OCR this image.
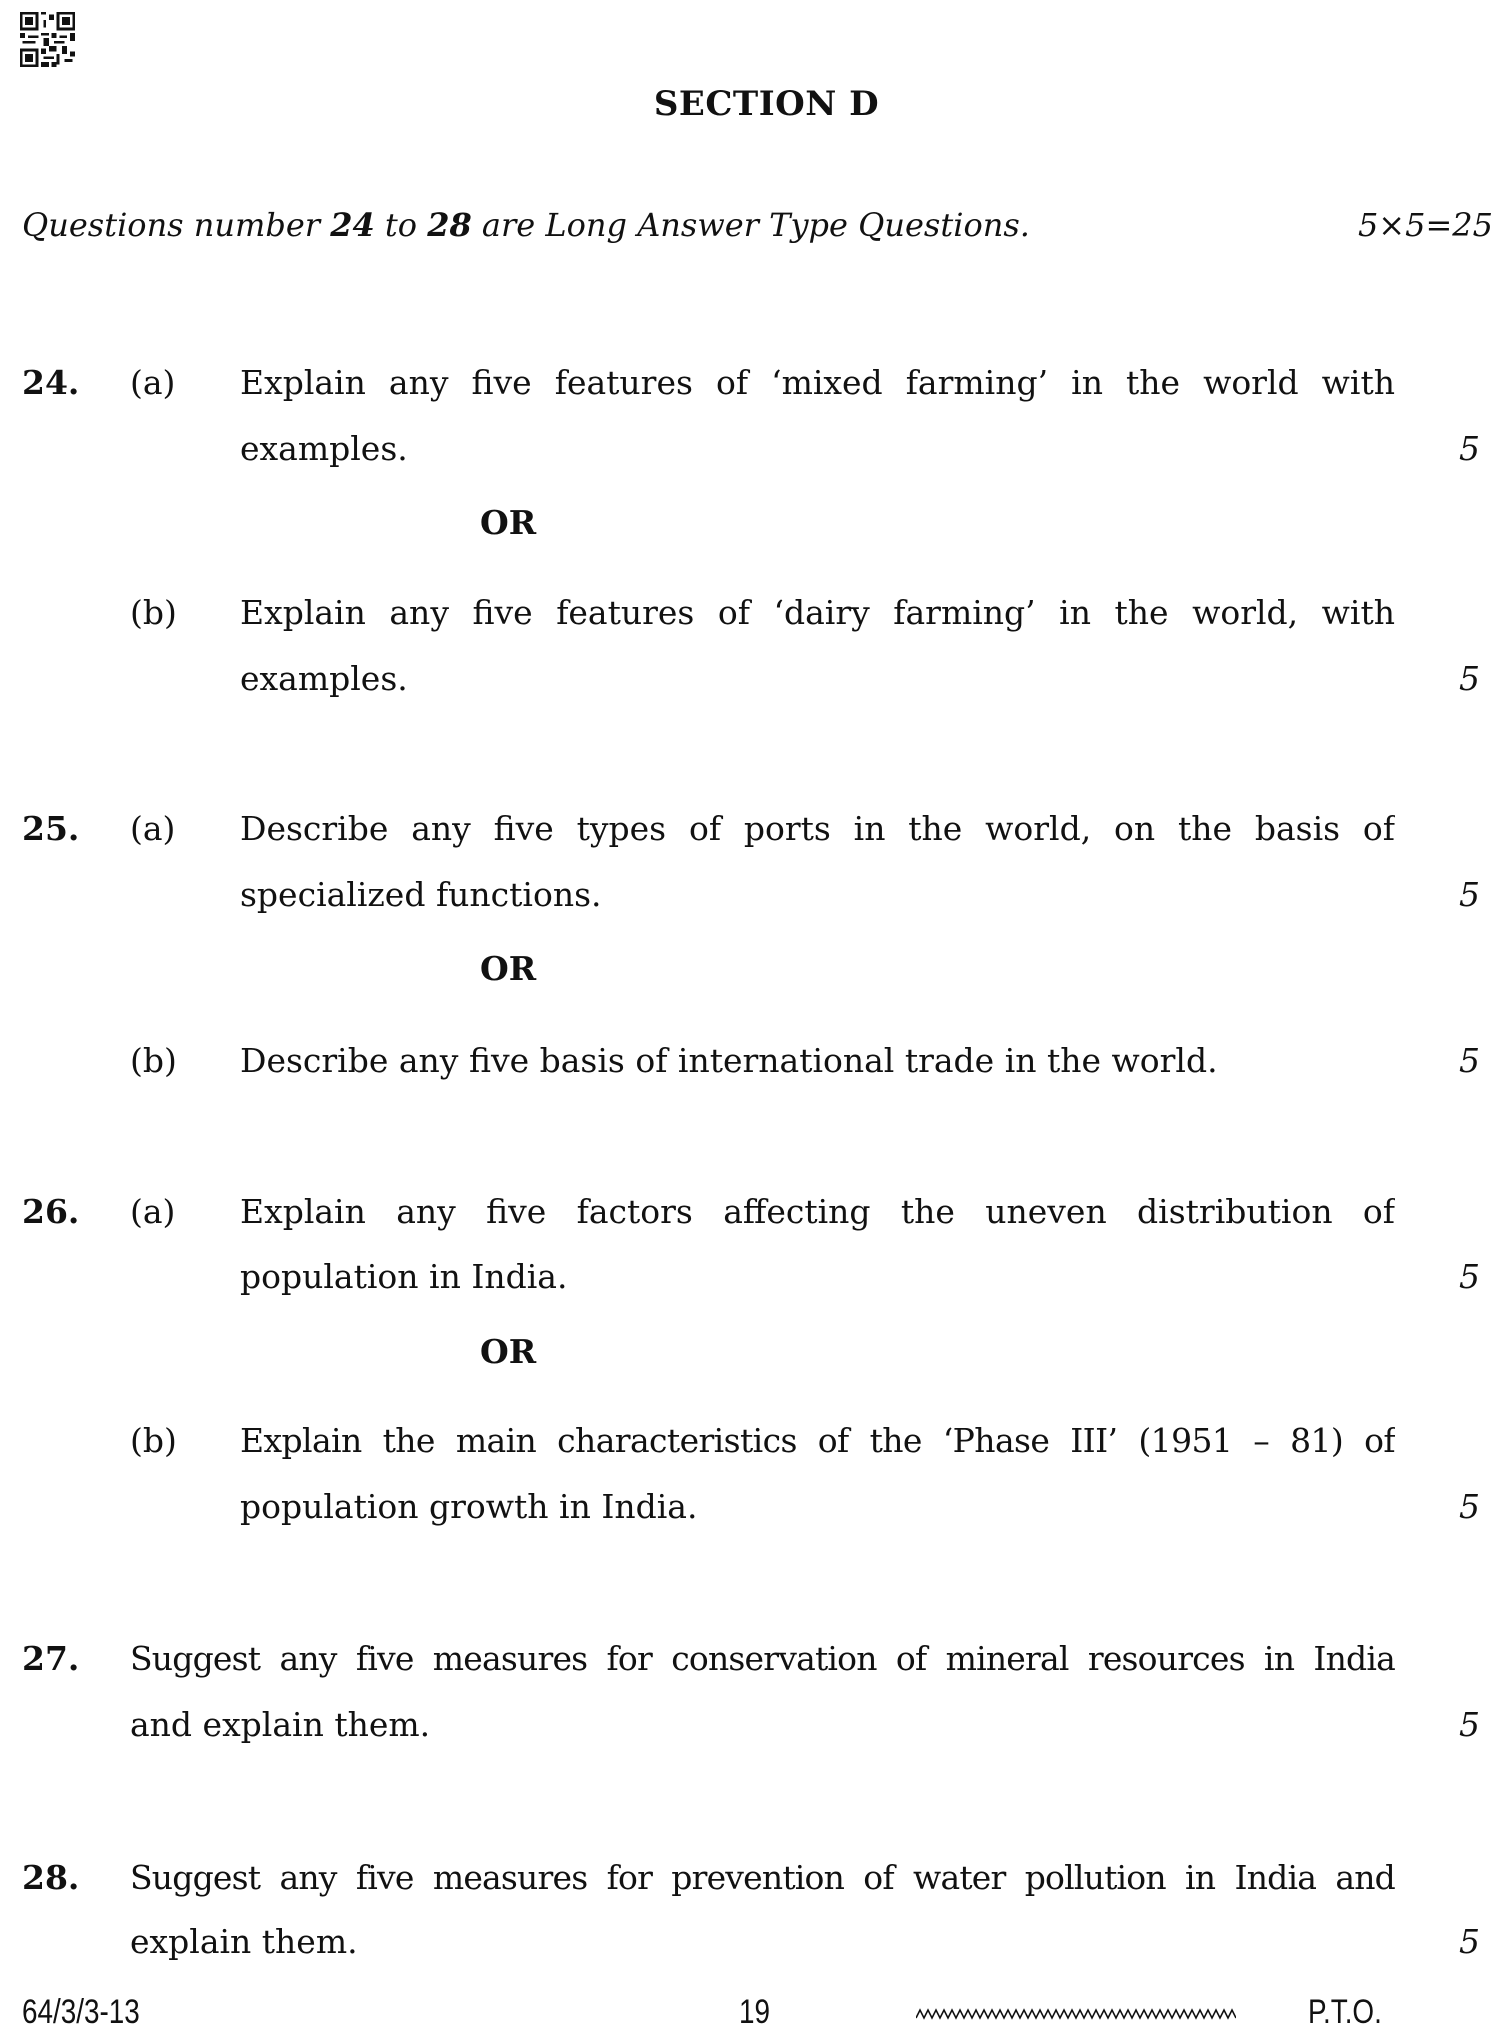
SECTION D
Questions number 24 to 28 are Long Answer Type Questions.	5×5=25
24. (a) Explain any five features of ‘mixed farming’ in the world with
examples.	5
OR
(b) Explain any five features of ‘dairy farming’ in the world, with
examples.	5
25. (a) Describe any five types of ports in the world, on the basis of
specialized functions.	5
OR
(b) Describe any five basis of international trade in the world.	5
26. (a) Explain any five factors affecting the uneven distribution of
population in India.	5
OR
(b) Explain the main characteristics of the ‘Phase III’ (1951 – 81) of
population growth in India.	5
27. Suggest any five measures for conservation of mineral resources in India
and explain them.	5
28. Suggest any five measures for prevention of water pollution in India and
explain them.	5
64/3/3-13	19	P.T.O.
